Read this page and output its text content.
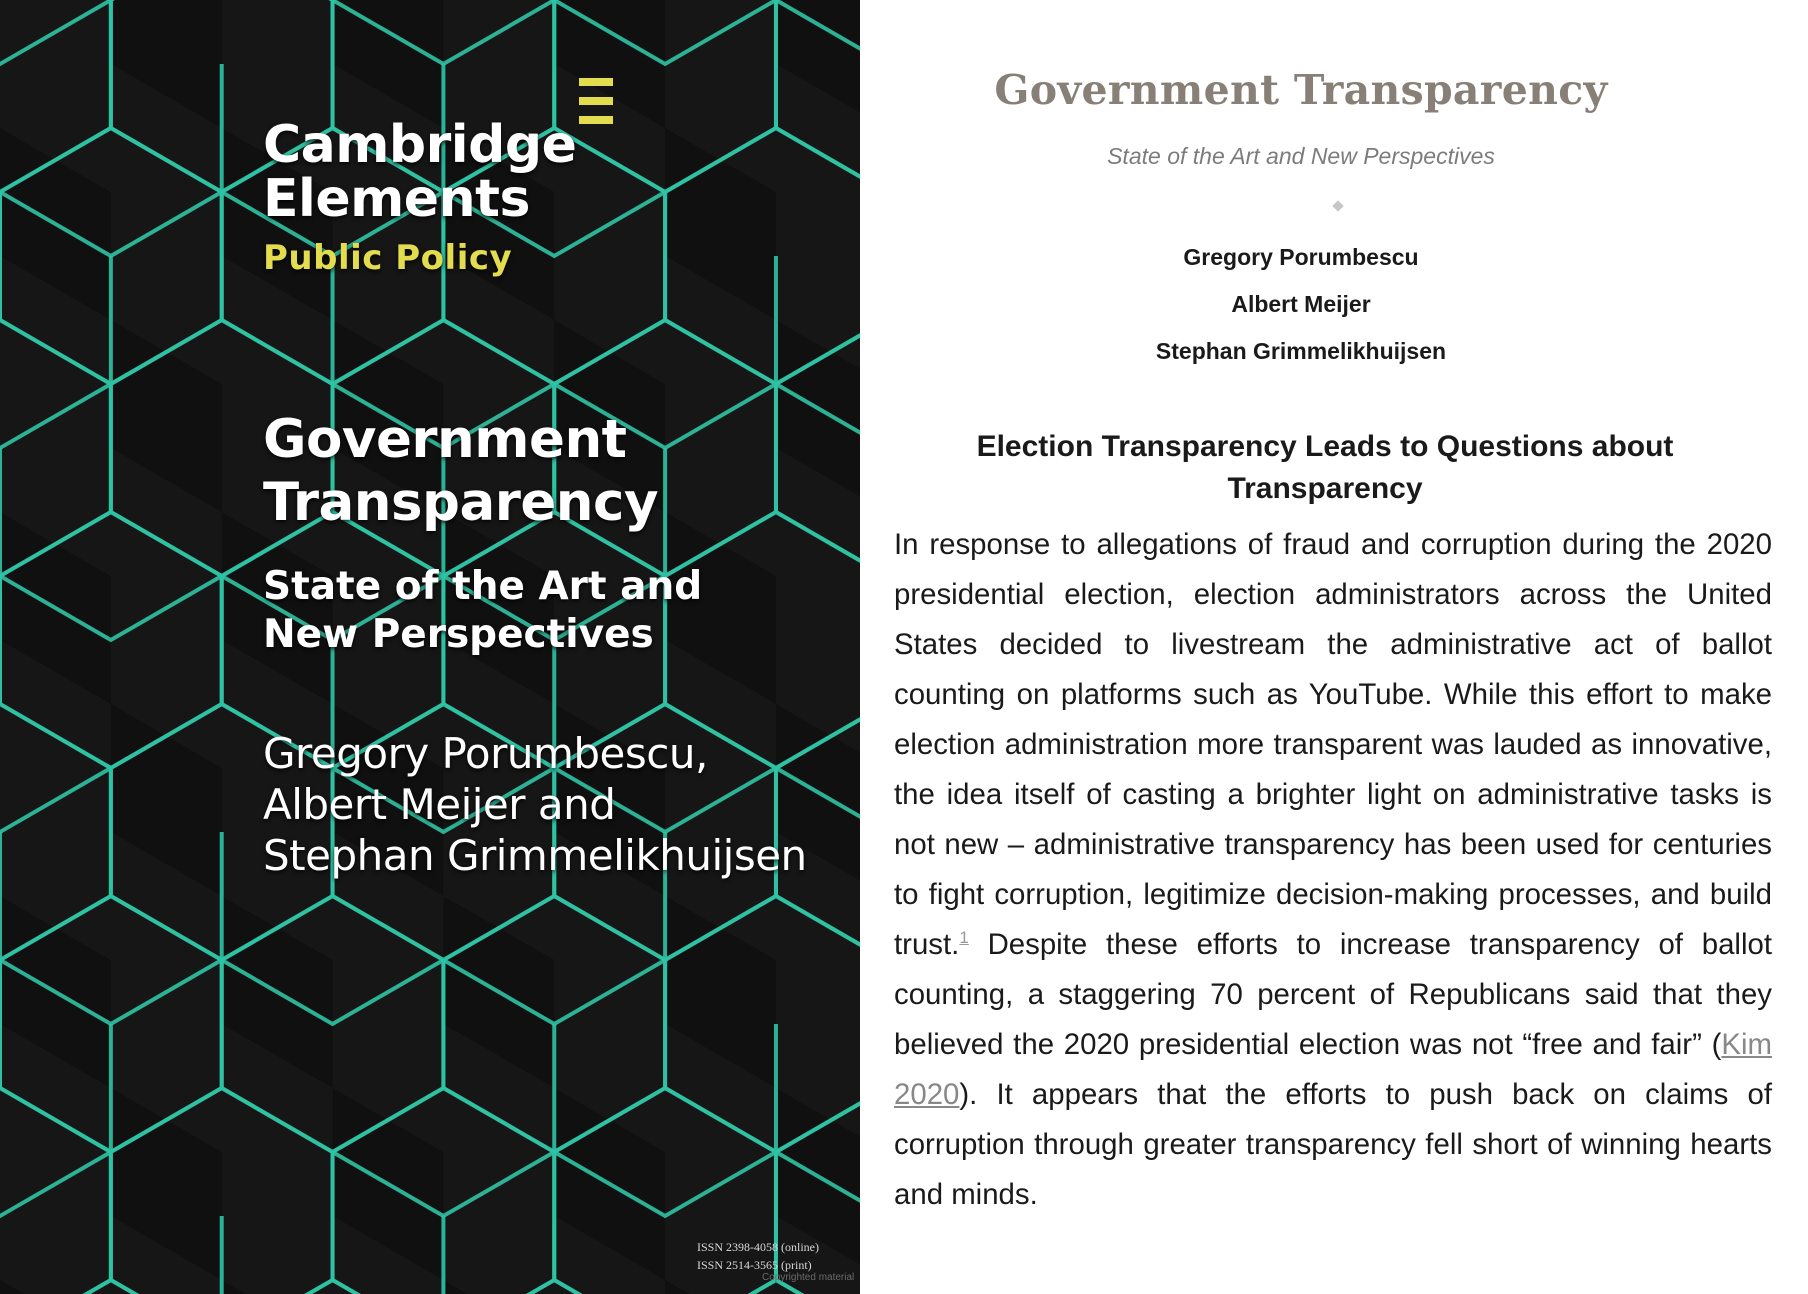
Cambridge
Elements
Public Policy
Government
Transparency
State of the Art and
New Perspectives
Gregory Porumbescu,
Albert Meijer and
Stephan Grimmelikhuijsen
ISSN 2398-4058 (online)
ISSN 2514-3565 (print)
Copyrighted material
Government Transparency
State of the Art and New Perspectives
Gregory Porumbescu
Albert Meijer
Stephan Grimmelikhuijsen
Election Transparency Leads to Questions about Transparency

In response to allegations of fraud and corruption during the 2020 presidential election, election administrators across the United States decided to livestream the administrative act of ballot counting on platforms such as YouTube. While this effort to make election administration more transparent was lauded as innovative, the idea itself of casting a brighter light on administrative tasks is not new – administrative transparency has been used for centuries to fight corruption, legitimize decision-making processes, and build trust.$^1$ Despite these efforts to increase transparency of ballot counting, a staggering 70 percent of Republicans said that they believed the 2020 presidential election was not “free and fair” (Kim 2020). It appears that the efforts to push back on claims of corruption through greater transparency fell short of winning hearts and minds.
